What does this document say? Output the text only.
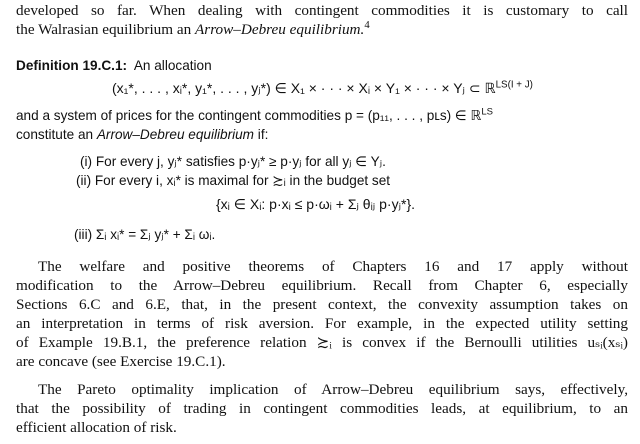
developed so far. When dealing with contingent commodities it is customary to call
the Walrasian equilibrium an Arrow–Debreu equilibrium.$^4$
Definition 19.C.1: An allocation
(x₁*, . . . , xᵢ*, y₁*, . . . , yⱼ*) ∈ X₁ × · · · × Xᵢ × Y₁ × · · · × Yⱼ ⊂ ℝ$^{LS(I + J)}$
and a system of prices for the contingent commodities p = (p₁₁, . . . , pʟs) ∈ ℝ$^{LS}$
constitute an Arrow–Debreu equilibrium if:
(i) For every j, yⱼ* satisfies p·yⱼ* ≥ p·yⱼ for all yⱼ ∈ Yⱼ.
(ii) For every i, xᵢ* is maximal for ≿ᵢ in the budget set
{xᵢ ∈ Xᵢ: p·xᵢ ≤ p·ωᵢ + Σⱼ θᵢⱼ p·yⱼ*}.
(iii) Σᵢ xᵢ* = Σⱼ yⱼ* + Σᵢ ωᵢ.
The welfare and positive theorems of Chapters 16 and 17 apply without
modification to the Arrow–Debreu equilibrium. Recall from Chapter 6, especially
Sections 6.C and 6.E, that, in the present context, the convexity assumption takes on
an interpretation in terms of risk aversion. For example, in the expected utility setting
of Example 19.B.1, the preference relation ≿ᵢ is convex if the Bernoulli utilities uₛᵢ(xₛᵢ)
are concave (see Exercise 19.C.1).
The Pareto optimality implication of Arrow–Debreu equilibrium says, effectively,
that the possibility of trading in contingent commodities leads, at equilibrium, to an
efficient allocation of risk.
